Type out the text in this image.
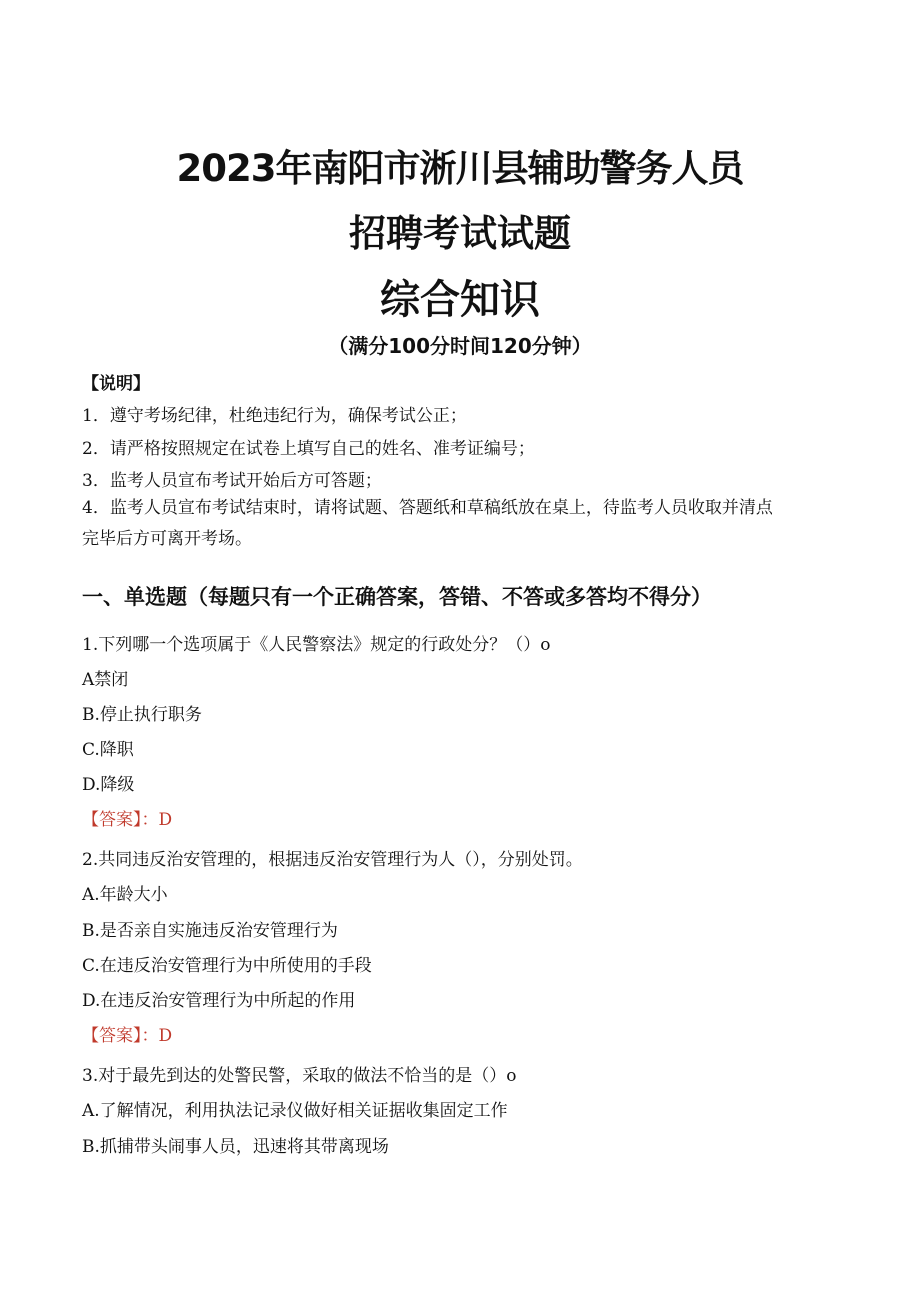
2023年南阳市淅川县辅助警务人员
招聘考试试题
综合知识
（满分100分时间120分钟）
【说明】
1．遵守考场纪律，杜绝违纪行为，确保考试公正；
2．请严格按照规定在试卷上填写自己的姓名、准考证编号；
3．监考人员宣布考试开始后方可答题；
4．监考人员宣布考试结束时，请将试题、答题纸和草稿纸放在桌上，待监考人员收取并清点
完毕后方可离开考场。
一、单选题（每题只有一个正确答案，答错、不答或多答均不得分）
1.下列哪一个选项属于《人民警察法》规定的行政处分？（）o
A禁闭
B.停止执行职务
C.降职
D.降级
【答案】：D
2.共同违反治安管理的，根据违反治安管理行为人（），分别处罚。
A.年龄大小
B.是否亲自实施违反治安管理行为
C.在违反治安管理行为中所使用的手段
D.在违反治安管理行为中所起的作用
【答案】：D
3.对于最先到达的处警民警，采取的做法不恰当的是（）o
A.了解情况，利用执法记录仪做好相关证据收集固定工作
B.抓捕带头闹事人员，迅速将其带离现场
